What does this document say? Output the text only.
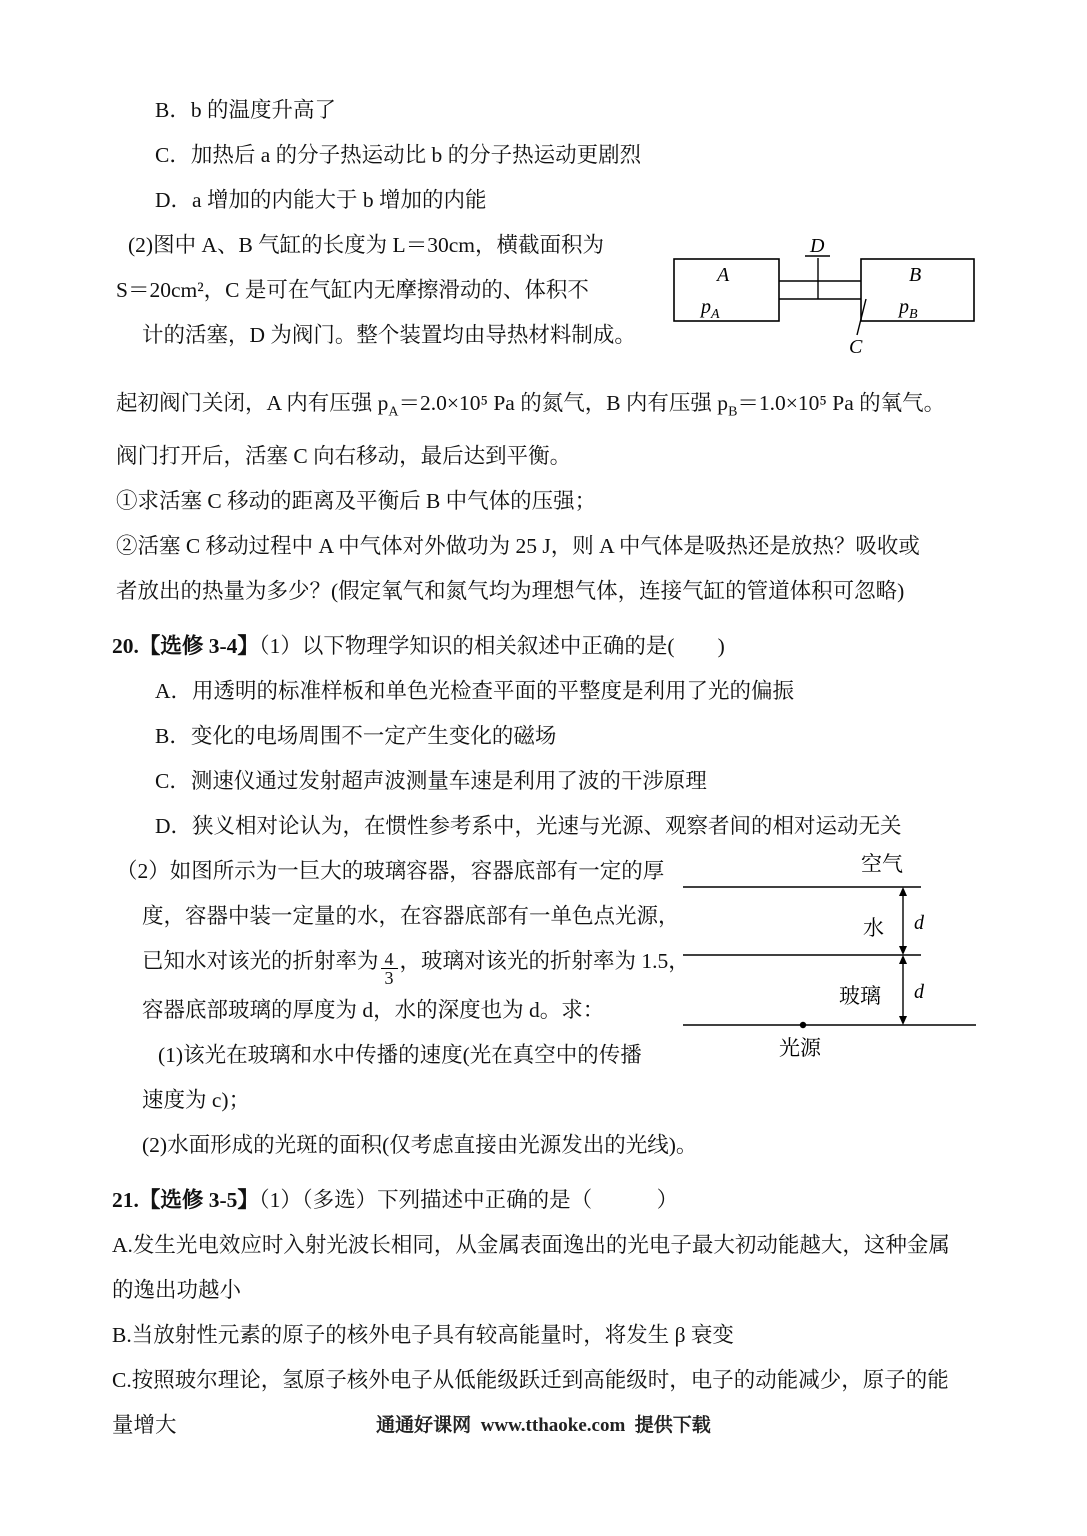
B．b 的温度升高了
C．加热后 a 的分子热运动比 b 的分子热运动更剧烈
D．a 增加的内能大于 b 增加的内能
(2)图中 A、B 气缸的长度为 L＝30cm，横截面积为
S＝20cm²，C 是可在气缸内无摩擦滑动的、体积不
计的活塞，D 为阀门。整个装置均由导热材料制成。
D
A	B
$p_A$	$p_B$
C
起初阀门关闭，A 内有压强 $p_A=2.0\times 10^5$ Pa 的氮气，B 内有压强 $p_B=1.0\times 10^5$ Pa 的氧气。
阀门打开后，活塞 C 向右移动，最后达到平衡。
①求活塞 C 移动的距离及平衡后 B 中气体的压强；
②活塞 C 移动过程中 A 中气体对外做功为 25 J，则 A 中气体是吸热还是放热？吸收或
者放出的热量为多少？(假定氧气和氮气均为理想气体，连接气缸的管道体积可忽略)
20.【选修 3-4】（1）以下物理学知识的相关叙述中正确的是(　　)
A．用透明的标准样板和单色光检查平面的平整度是利用了光的偏振
B．变化的电场周围不一定产生变化的磁场
C．测速仪通过发射超声波测量车速是利用了波的干涉原理
D．狭义相对论认为，在惯性参考系中，光速与光源、观察者间的相对运动无关
（2）如图所示为一巨大的玻璃容器，容器底部有一定的厚
度，容器中装一定量的水，在容器底部有一单色点光源，
已知水对该光的折射率为 $\frac{4}{3}$ ，玻璃对该光的折射率为 1.5，
容器底部玻璃的厚度为 d，水的深度也为 d。求：
(1)该光在玻璃和水中传播的速度(光在真空中的传播
速度为 c)；
空气
水
玻璃
d
d
光源
(2)水面形成的光斑的面积(仅考虑直接由光源发出的光线)。
21.【选修 3-5】（1）（多选）下列描述中正确的是（　　　）
A.发生光电效应时入射光波长相同，从金属表面逸出的光电子最大初动能越大，这种金属
的逸出功越小
B.当放射性元素的原子的核外电子具有较高能量时，将发生 β 衰变
C.按照玻尔理论，氢原子核外电子从低能级跃迁到高能级时，电子的动能减少，原子的能
量增大	通通好课网 www.tthaoke.com 提供下载
